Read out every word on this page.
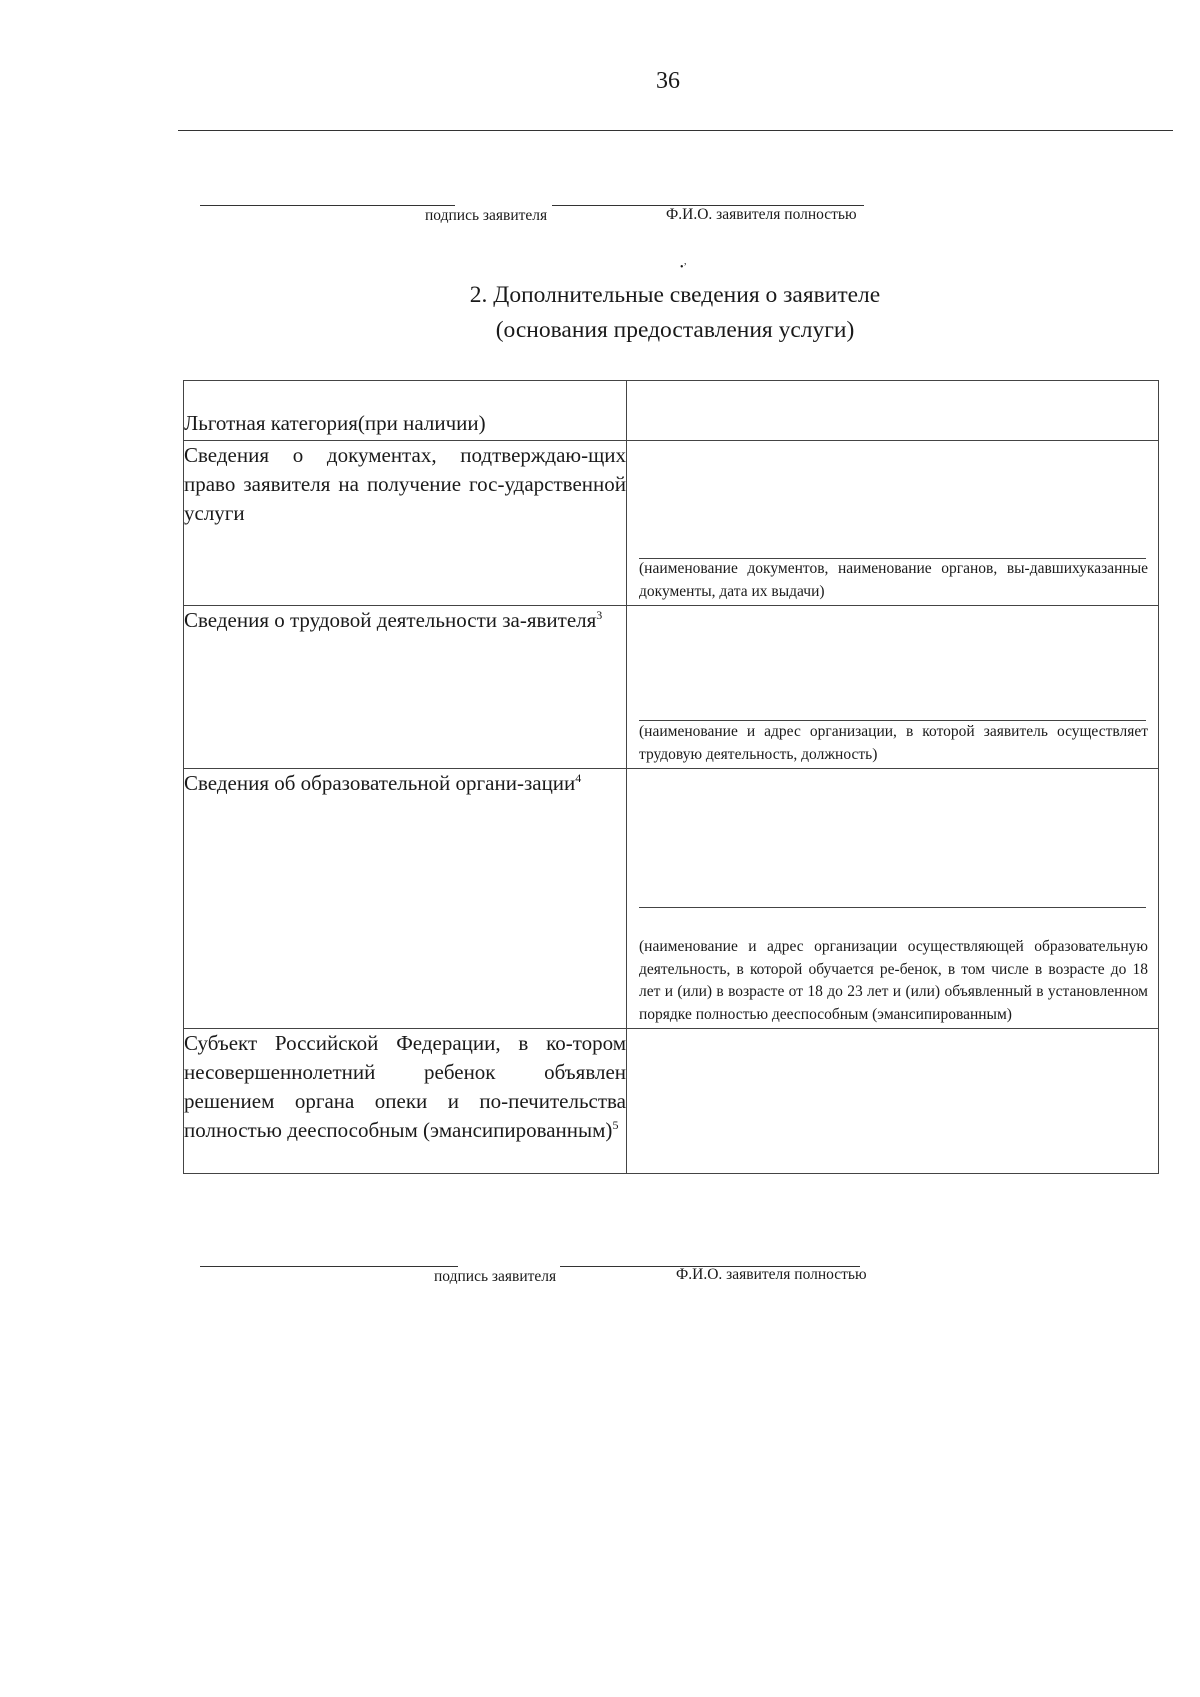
36
подпись заявителя	Ф.И.О. заявителя полностью
•’
2. Дополнительные сведения о заявителе
(основания предоставления услуги)
Льготная категория(при наличии)	
Сведения о документах, подтверждаю-щих право заявителя на получение гос-ударственной услуги	(наименование документов, наименование органов, вы-давшихуказанные документы, дата их выдачи)

Сведения о трудовой деятельности за-явителя$^3$	(наименование и адрес организации, в которой заявитель осуществляет трудовую деятельность, должность)

Сведения об образовательной органи-зации$^4$	(наименование и адрес организации осуществляющей образовательную деятельность, в которой обучается ре-бенок, в том числе в возрасте до 18 лет и (или) в возрасте от 18 до 23 лет и (или) объявленный в установленном порядке полностью дееспособным (эмансипированным)

Субъект Российской Федерации, в ко-тором несовершеннолетний ребенок объявлен решением органа опеки и по-печительства полностью дееспособным (эмансипированным)$^5$	
подпись заявителя	Ф.И.О. заявителя полностью
